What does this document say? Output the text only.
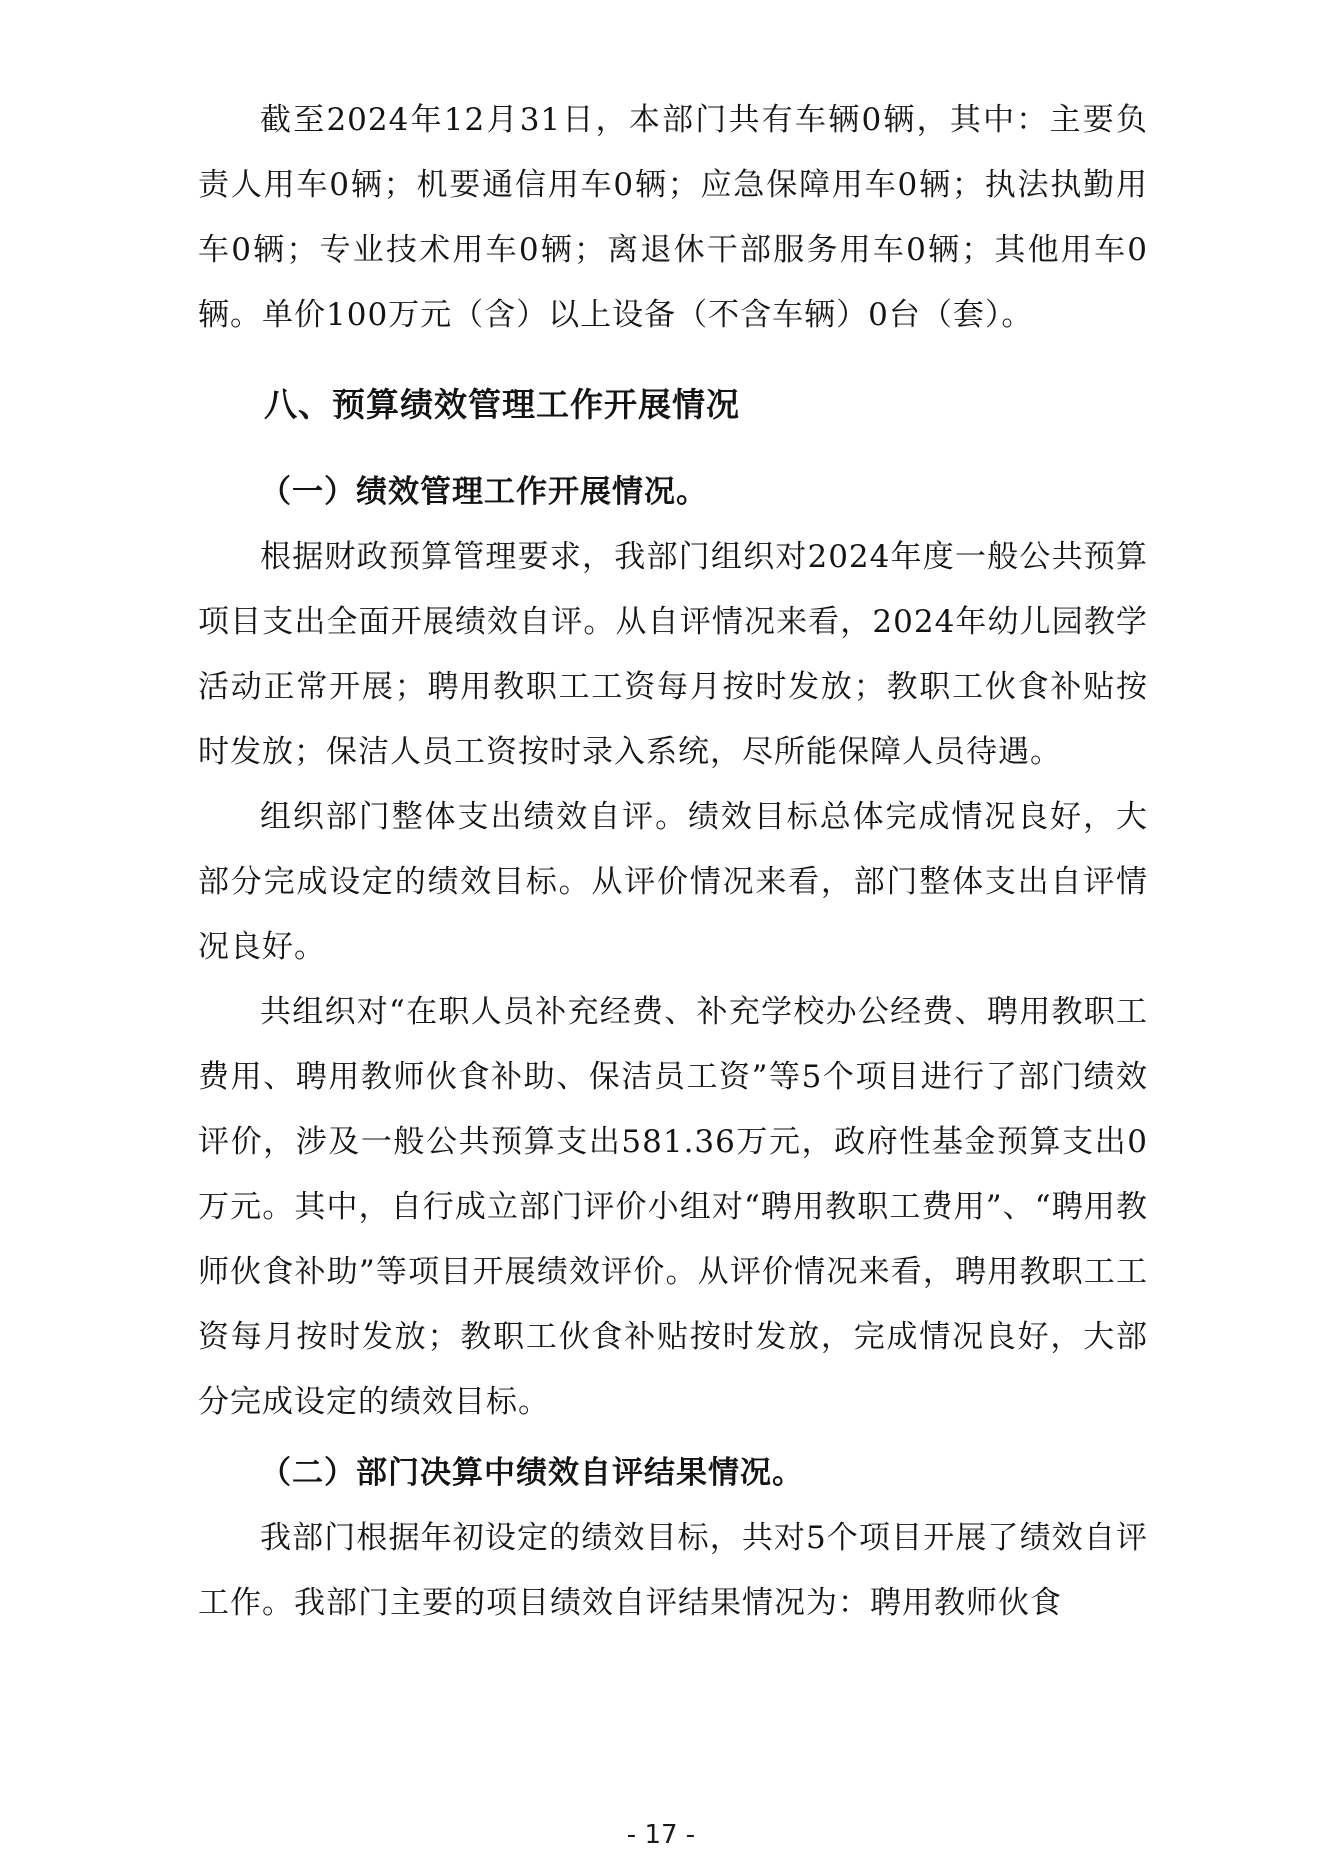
截至2024年12月31日，本部门共有车辆0辆，其中：主要负责人用车0辆；机要通信用车0辆；应急保障用车0辆；执法执勤用车0辆；专业技术用车0辆；离退休干部服务用车0辆；其他用车0辆。单价100万元（含）以上设备（不含车辆）0台（套）。

八、预算绩效管理工作开展情况
（一）绩效管理工作开展情况。

根据财政预算管理要求，我部门组织对2024年度一般公共预算项目支出全面开展绩效自评。从自评情况来看，2024年幼儿园教学活动正常开展；聘用教职工工资每月按时发放；教职工伙食补贴按时发放；保洁人员工资按时录入系统，尽所能保障人员待遇。

组织部门整体支出绩效自评。绩效目标总体完成情况良好，大部分完成设定的绩效目标。从评价情况来看，部门整体支出自评情况良好。

共组织对“在职人员补充经费、补充学校办公经费、聘用教职工费用、聘用教师伙食补助、保洁员工资”等5个项目进行了部门绩效评价，涉及一般公共预算支出581.36万元，政府性基金预算支出0万元。其中，自行成立部门评价小组对“聘用教职工费用”、“聘用教师伙食补助”等项目开展绩效评价。从评价情况来看，聘用教职工工资每月按时发放；教职工伙食补贴按时发放，完成情况良好，大部分完成设定的绩效目标。

（二）部门决算中绩效自评结果情况。

我部门根据年初设定的绩效目标，共对5个项目开展了绩效自评工作。我部门主要的项目绩效自评结果情况为：聘用教师伙食

- 17 -
